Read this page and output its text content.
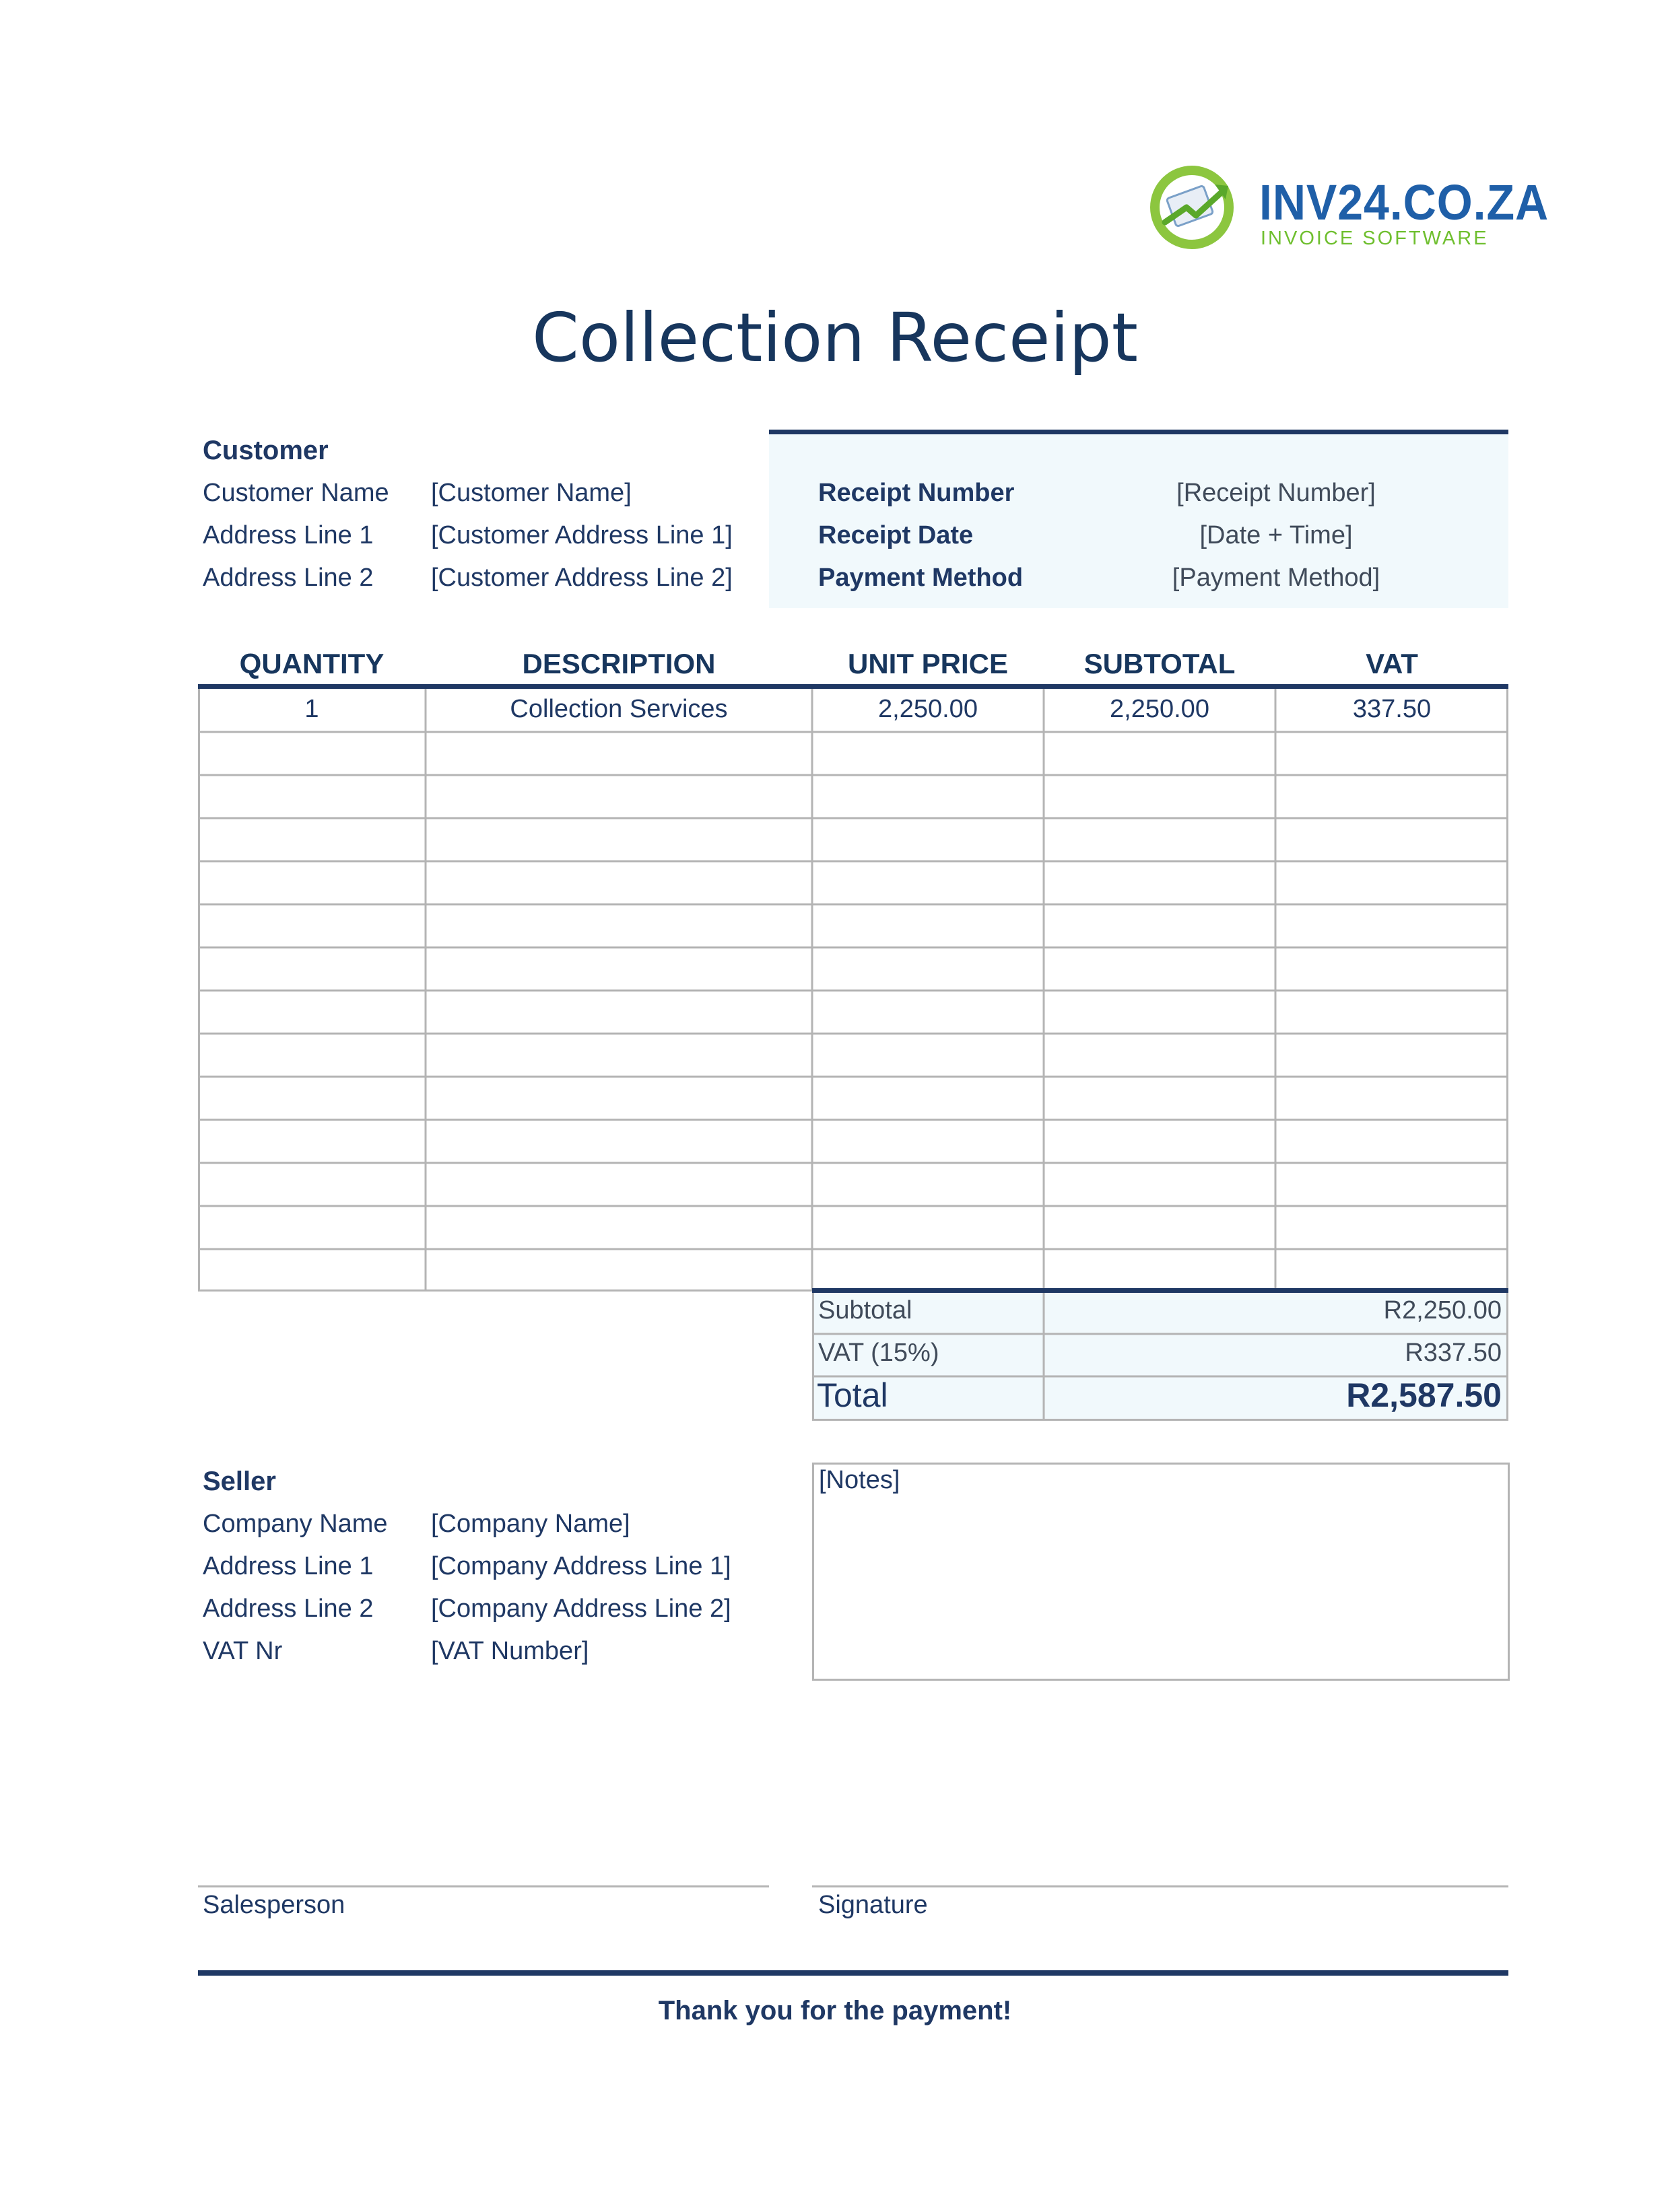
INV24.CO.ZA
INVOICE SOFTWARE
Collection Receipt
Customer
Customer Name [Customer Name]
Address Line 1 [Customer Address Line 1]
Address Line 2 [Customer Address Line 2]
Receipt Number	[Receipt Number]
Receipt Date	[Date + Time]
Payment Method	[Payment Method]
QUANTITY	DESCRIPTION	UNIT PRICE	SUBTOTAL	VAT
1	Collection Services	2,250.00	2,250.00	337.50
Subtotal	R2,250.00
VAT (15%)	R337.50
Total	R2,587.50
Seller
Company Name [Company Name]
Address Line 1 [Company Address Line 1]
Address Line 2 [Company Address Line 2]
VAT Nr	[VAT Number]
[Notes]
Salesperson	Signature
Thank you for the payment!
